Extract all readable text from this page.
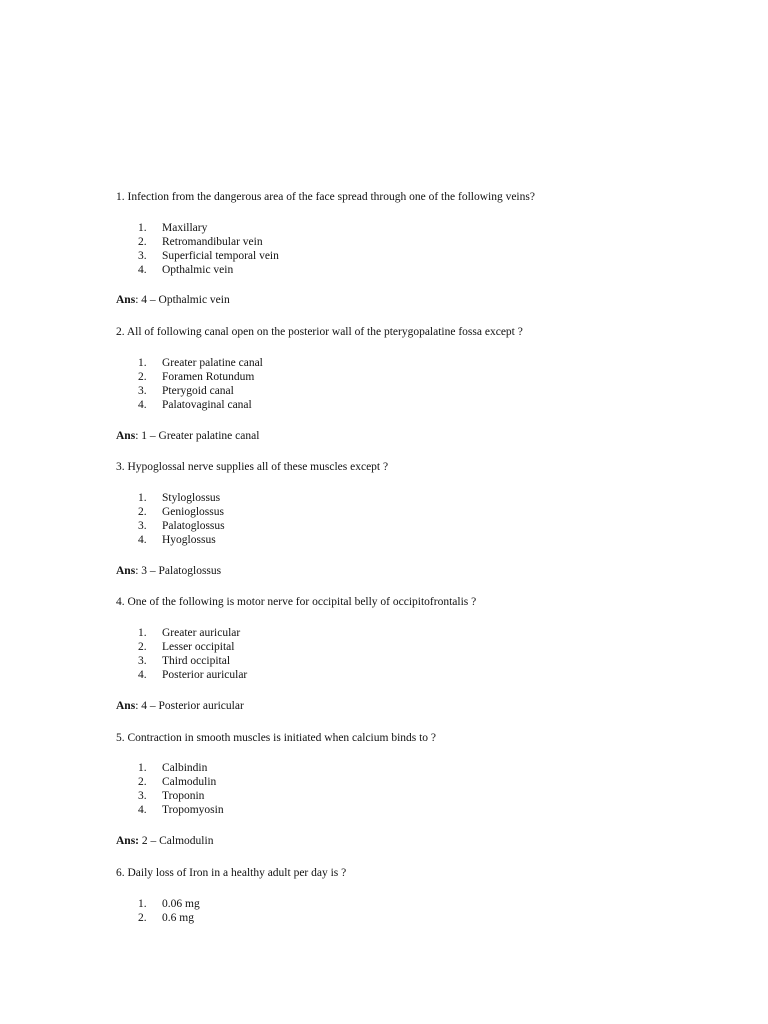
1. Infection from the dangerous area of the face spread through one of the following veins?
1. Maxillary
2. Retromandibular vein
3. Superficial temporal vein
4. Opthalmic vein
Ans: 4 – Opthalmic vein
2. All of following canal open on the posterior wall of the pterygopalatine fossa except ?
1. Greater palatine canal
2. Foramen Rotundum
3. Pterygoid canal
4. Palatovaginal canal
Ans: 1 – Greater palatine canal
3. Hypoglossal nerve supplies all of these muscles except ?
1. Styloglossus
2. Genioglossus
3. Palatoglossus
4. Hyoglossus
Ans: 3 – Palatoglossus
4. One of the following is motor nerve for occipital belly of occipitofrontalis ?
1. Greater auricular
2. Lesser occipital
3. Third occipital
4. Posterior auricular
Ans: 4 – Posterior auricular
5. Contraction in smooth muscles is initiated when calcium binds to ?
1. Calbindin
2. Calmodulin
3. Troponin
4. Tropomyosin
Ans: 2 – Calmodulin
6. Daily loss of Iron in a healthy adult per day is ?
1.0.06 mg
2. 0.6 mg
